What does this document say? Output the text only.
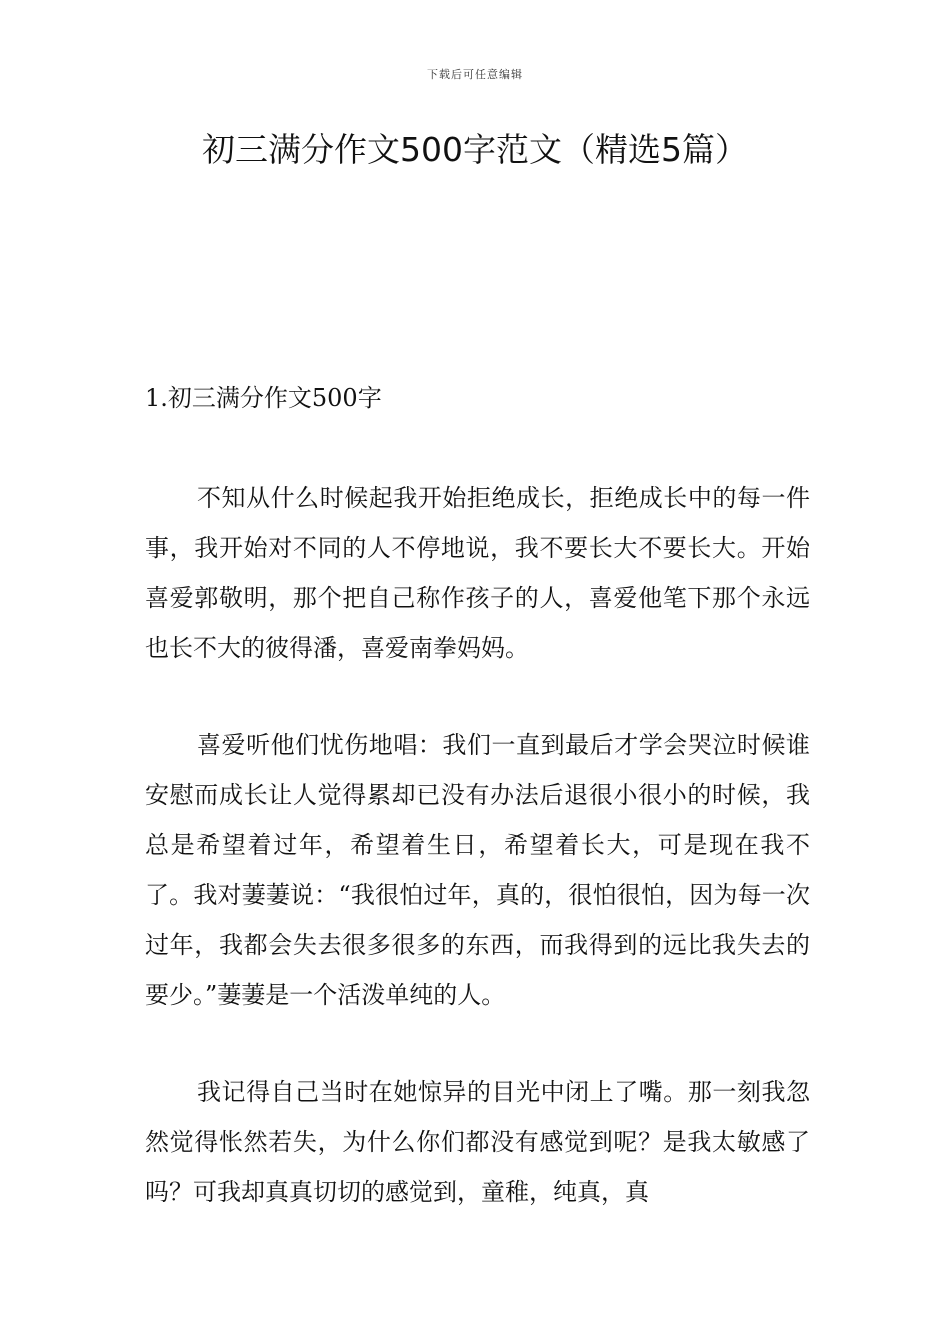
下载后可任意编辑
初三满分作文500字范文（精选5篇）
1.初三满分作文500字

不知从什么时候起我开始拒绝成长，拒绝成长中的每一件事，我开始对不同的人不停地说，我不要长大不要长大。开始喜爱郭敬明，那个把自己称作孩子的人，喜爱他笔下那个永远也长不大的彼得潘，喜爱南拳妈妈。

喜爱听他们忧伤地唱：我们一直到最后才学会哭泣时候谁安慰而成长让人觉得累却已没有办法后退很小很小的时候，我总是希望着过年，希望着生日，希望着长大，可是现在我不了。我对萋萋说：“我很怕过年，真的，很怕很怕，因为每一次过年，我都会失去很多很多的东西，而我得到的远比我失去的要少。”萋萋是一个活泼单纯的人。

我记得自己当时在她惊异的目光中闭上了嘴。那一刻我忽然觉得怅然若失，为什么你们都没有感觉到呢？是我太敏感了吗？可我却真真切切的感觉到，童稚，纯真，真
